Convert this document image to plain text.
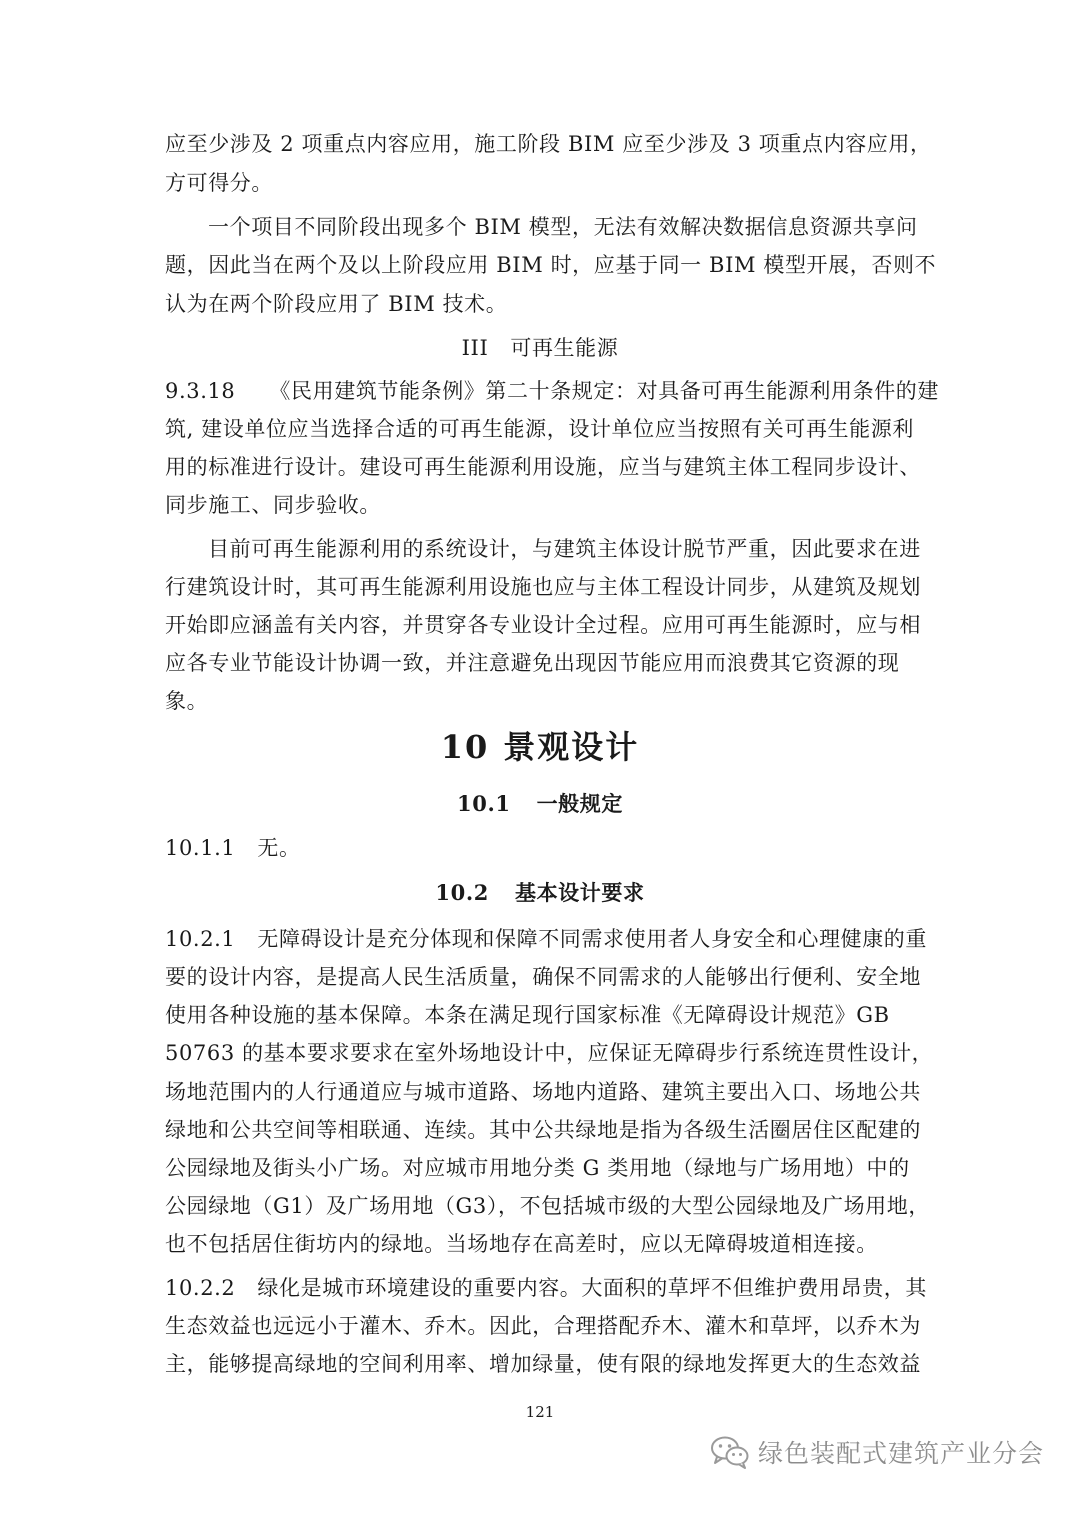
应至少涉及 2 项重点内容应用，施工阶段 BIM 应至少涉及 3 项重点内容应用，
方可得分。
一个项目不同阶段出现多个 BIM 模型，无法有效解决数据信息资源共享问
题，因此当在两个及以上阶段应用 BIM 时，应基于同一 BIM 模型开展，否则不
认为在两个阶段应用了 BIM 技术。
III 可再生能源
9.3.18 《民用建筑节能条例》第二十条规定：对具备可再生能源利用条件的建
筑, 建设单位应当选择合适的可再生能源，设计单位应当按照有关可再生能源利
用的标准进行设计。建设可再生能源利用设施，应当与建筑主体工程同步设计、
同步施工、同步验收。
目前可再生能源利用的系统设计，与建筑主体设计脱节严重，因此要求在进
行建筑设计时，其可再生能源利用设施也应与主体工程设计同步，从建筑及规划
开始即应涵盖有关内容，并贯穿各专业设计全过程。应用可再生能源时，应与相
应各专业节能设计协调一致，并注意避免出现因节能应用而浪费其它资源的现
象。
10 景观设计
10.1 一般规定
10.1.1 无。
10.2 基本设计要求
10.2.1 无障碍设计是充分体现和保障不同需求使用者人身安全和心理健康的重
要的设计内容，是提高人民生活质量，确保不同需求的人能够出行便利、安全地
使用各种设施的基本保障。本条在满足现行国家标准《无障碍设计规范》GB
50763 的基本要求要求在室外场地设计中，应保证无障碍步行系统连贯性设计，
场地范围内的人行通道应与城市道路、场地内道路、建筑主要出入口、场地公共
绿地和公共空间等相联通、连续。其中公共绿地是指为各级生活圈居住区配建的
公园绿地及街头小广场。对应城市用地分类 G 类用地（绿地与广场用地）中的
公园绿地（G1）及广场用地（G3），不包括城市级的大型公园绿地及广场用地，
也不包括居住街坊内的绿地。当场地存在高差时，应以无障碍坡道相连接。
10.2.2 绿化是城市环境建设的重要内容。大面积的草坪不但维护费用昂贵，其
生态效益也远远小于灌木、乔木。因此，合理搭配乔木、灌木和草坪，以乔木为
主，能够提高绿地的空间利用率、增加绿量，使有限的绿地发挥更大的生态效益
121
绿色装配式建筑产业分会
